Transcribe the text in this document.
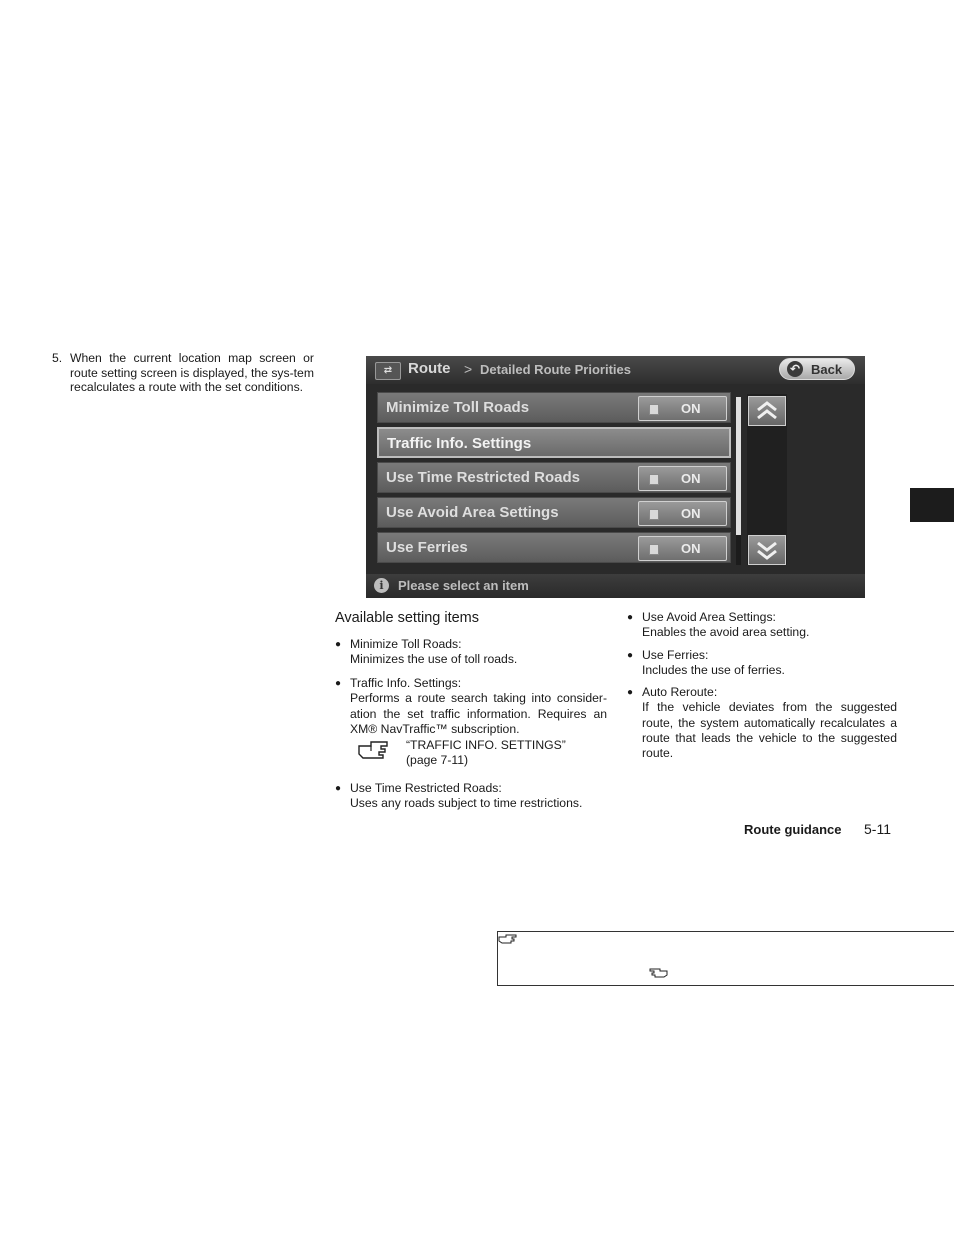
5. When the current location map screen or route setting screen is displayed, the sys-tem recalculates a route with the set conditions.
⇄	Route > Detailed Route Priorities	↶ Back
Minimize Toll Roads	ON
Traffic Info. Settings
Use Time Restricted Roads	ON
Use Avoid Area Settings	ON
Use Ferries	ON
i	Please select an item
Available setting items
● Minimize Toll Roads:
Minimizes the use of toll roads.
● Traffic Info. Settings:
Performs a route search taking into consider-ation the set traffic information. Requires an XM® NavTraffic™ subscription.
“TRAFFIC INFO. SETTINGS”
(page 7-11)
● Use Time Restricted Roads:
Uses any roads subject to time restrictions.
● Use Avoid Area Settings:
Enables the avoid area setting.
● Use Ferries:
Includes the use of ferries.
● Auto Reroute:
If the vehicle deviates from the suggested route, the system automatically recalculates a route that leads the vehicle to the suggested route.
Route guidance 5-11
